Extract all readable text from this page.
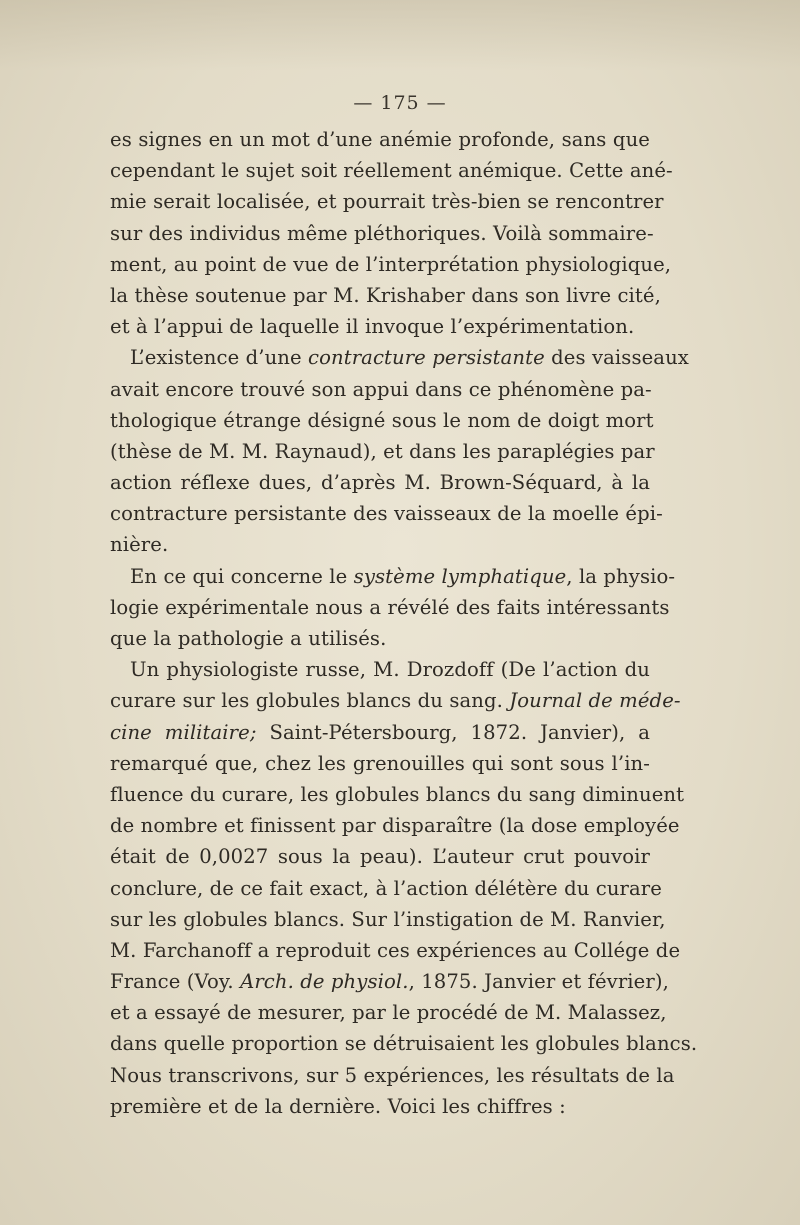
— 175 —
es signes en un mot d’une anémie profonde, sans que
cependant le sujet soit réellement anémique. Cette ané-
mie serait localisée, et pourrait très-bien se rencontrer
sur des individus même pléthoriques. Voilà sommaire-
ment, au point de vue de l’interprétation physiologique,
la thèse soutenue par M. Krishaber dans son livre cité,
et à l’appui de laquelle il invoque l’expérimentation.
L’existence d’une contracture persistante des vaisseaux
avait encore trouvé son appui dans ce phénomène pa-
thologique étrange désigné sous le nom de doigt mort
(thèse de M. M. Raynaud), et dans les paraplégies par
action réflexe dues, d’après M. Brown-Séquard, à la
contracture persistante des vaisseaux de la moelle épi-
nière.
En ce qui concerne le système lymphatique, la physio-
logie expérimentale nous a révélé des faits intéressants
que la pathologie a utilisés.
Un physiologiste russe, M. Drozdoff (De l’action du
curare sur les globules blancs du sang. Journal de méde-
cine militaire; Saint-Pétersbourg, 1872. Janvier), a
remarqué que, chez les grenouilles qui sont sous l’in-
fluence du curare, les globules blancs du sang diminuent
de nombre et finissent par disparaître (la dose employée
était de 0,0027 sous la peau). L’auteur crut pouvoir
conclure, de ce fait exact, à l’action délétère du curare
sur les globules blancs. Sur l’instigation de M. Ranvier,
M. Farchanoff a reproduit ces expériences au Collége de
France (Voy. Arch. de physiol., 1875. Janvier et février),
et a essayé de mesurer, par le procédé de M. Malassez,
dans quelle proportion se détruisaient les globules blancs.
Nous transcrivons, sur 5 expériences, les résultats de la
première et de la dernière. Voici les chiffres :
